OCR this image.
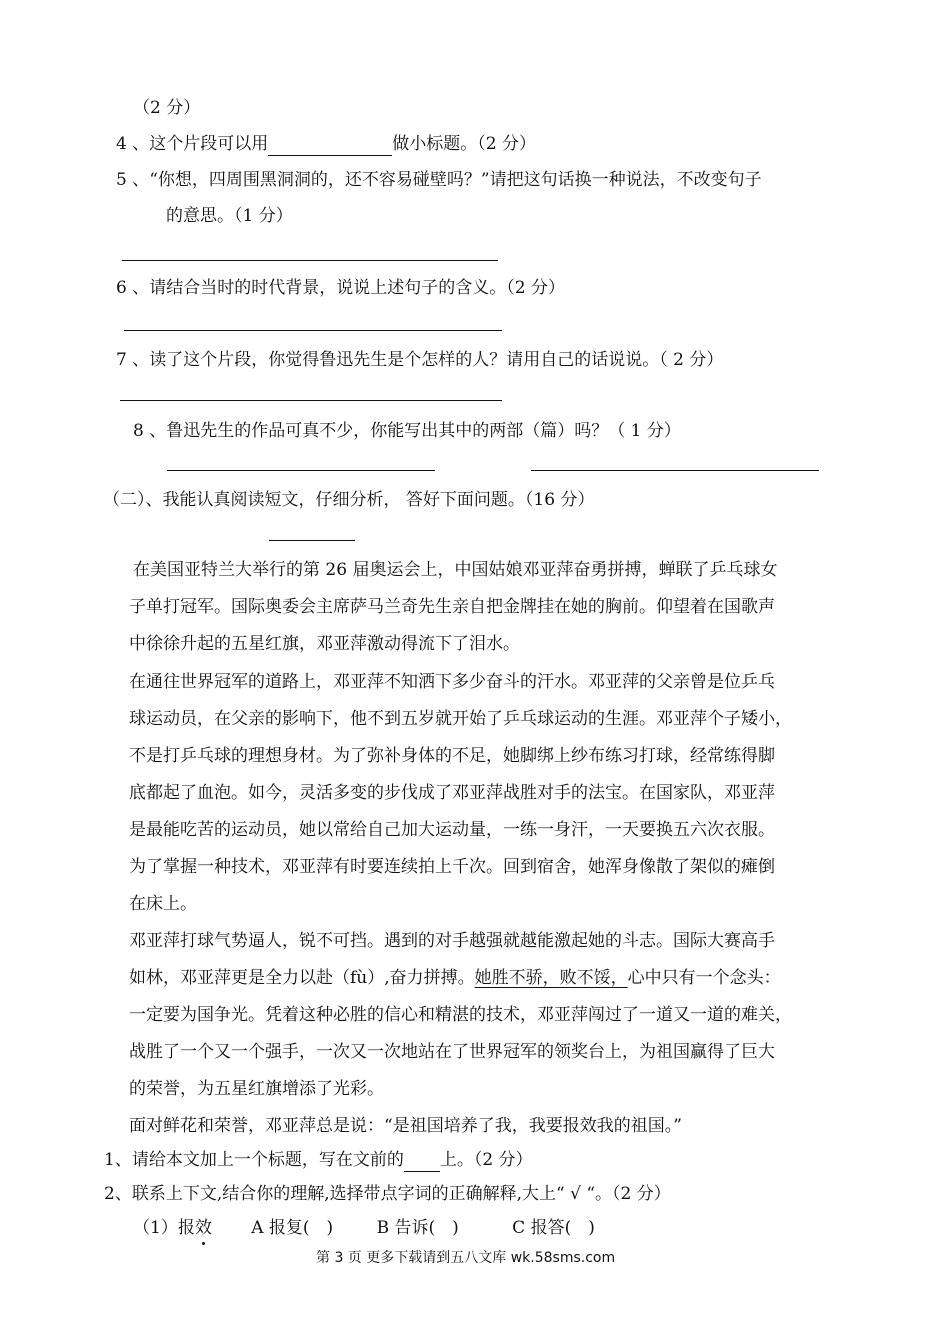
（2 分）
4 、这个片段可以用	做小标题。（2 分）
5 、“你想，四周围黑洞洞的，还不容易碰壁吗？”请把这句话换一种说法，不改变句子
的意思。（1 分）
6 、请结合当时的时代背景，说说上述句子的含义。（2 分）
7 、读了这个片段，你觉得鲁迅先生是个怎样的人？请用自己的话说说。（ 2 分）
8 、鲁迅先生的作品可真不少，你能写出其中的两部（篇）吗？（ 1 分）
（二）、我能认真阅读短文，仔细分析， 答好下面问题。（16 分）
在美国亚特兰大举行的第 26 届奥运会上，中国姑娘邓亚萍奋勇拼搏，蝉联了乒乓球女
子单打冠军。国际奥委会主席萨马兰奇先生亲自把金牌挂在她的胸前。仰望着在国歌声
中徐徐升起的五星红旗，邓亚萍激动得流下了泪水。
在通往世界冠军的道路上，邓亚萍不知洒下多少奋斗的汗水。邓亚萍的父亲曾是位乒乓
球运动员，在父亲的影响下，他不到五岁就开始了乒乓球运动的生涯。邓亚萍个子矮小，
不是打乒乓球的理想身材。为了弥补身体的不足，她脚绑上纱布练习打球，经常练得脚
底都起了血泡。如今，灵活多变的步伐成了邓亚萍战胜对手的法宝。在国家队，邓亚萍
是最能吃苦的运动员，她以常给自己加大运动量，一练一身汗，一天要换五六次衣服。
为了掌握一种技术，邓亚萍有时要连续拍上千次。回到宿舍，她浑身像散了架似的瘫倒
在床上。
邓亚萍打球气势逼人，锐不可挡。遇到的对手越强就越能激起她的斗志。国际大赛高手
如林，邓亚萍更是全力以赴（fù）,奋力拼搏。她胜不骄，败不馁，心中只有一个念头：
一定要为国争光。凭着这种必胜的信心和精湛的技术，邓亚萍闯过了一道又一道的难关，
战胜了一个又一个强手，一次又一次地站在了世界冠军的领奖台上，为祖国赢得了巨大
的荣誉，为五星红旗增添了光彩。
面对鲜花和荣誉，邓亚萍总是说：“是祖国培养了我，我要报效我的祖国。”
1、请给本文加上一个标题，写在文前的 上。（2 分）
2、联系上下文,结合你的理解,选择带点字词的正确解释,大上“ √ “。（2 分）
（1）报效 A 报复(　)	B 告诉(　)	C 报答(　)
第 3 页 更多下载请到五八文库 wk.58sms.com
